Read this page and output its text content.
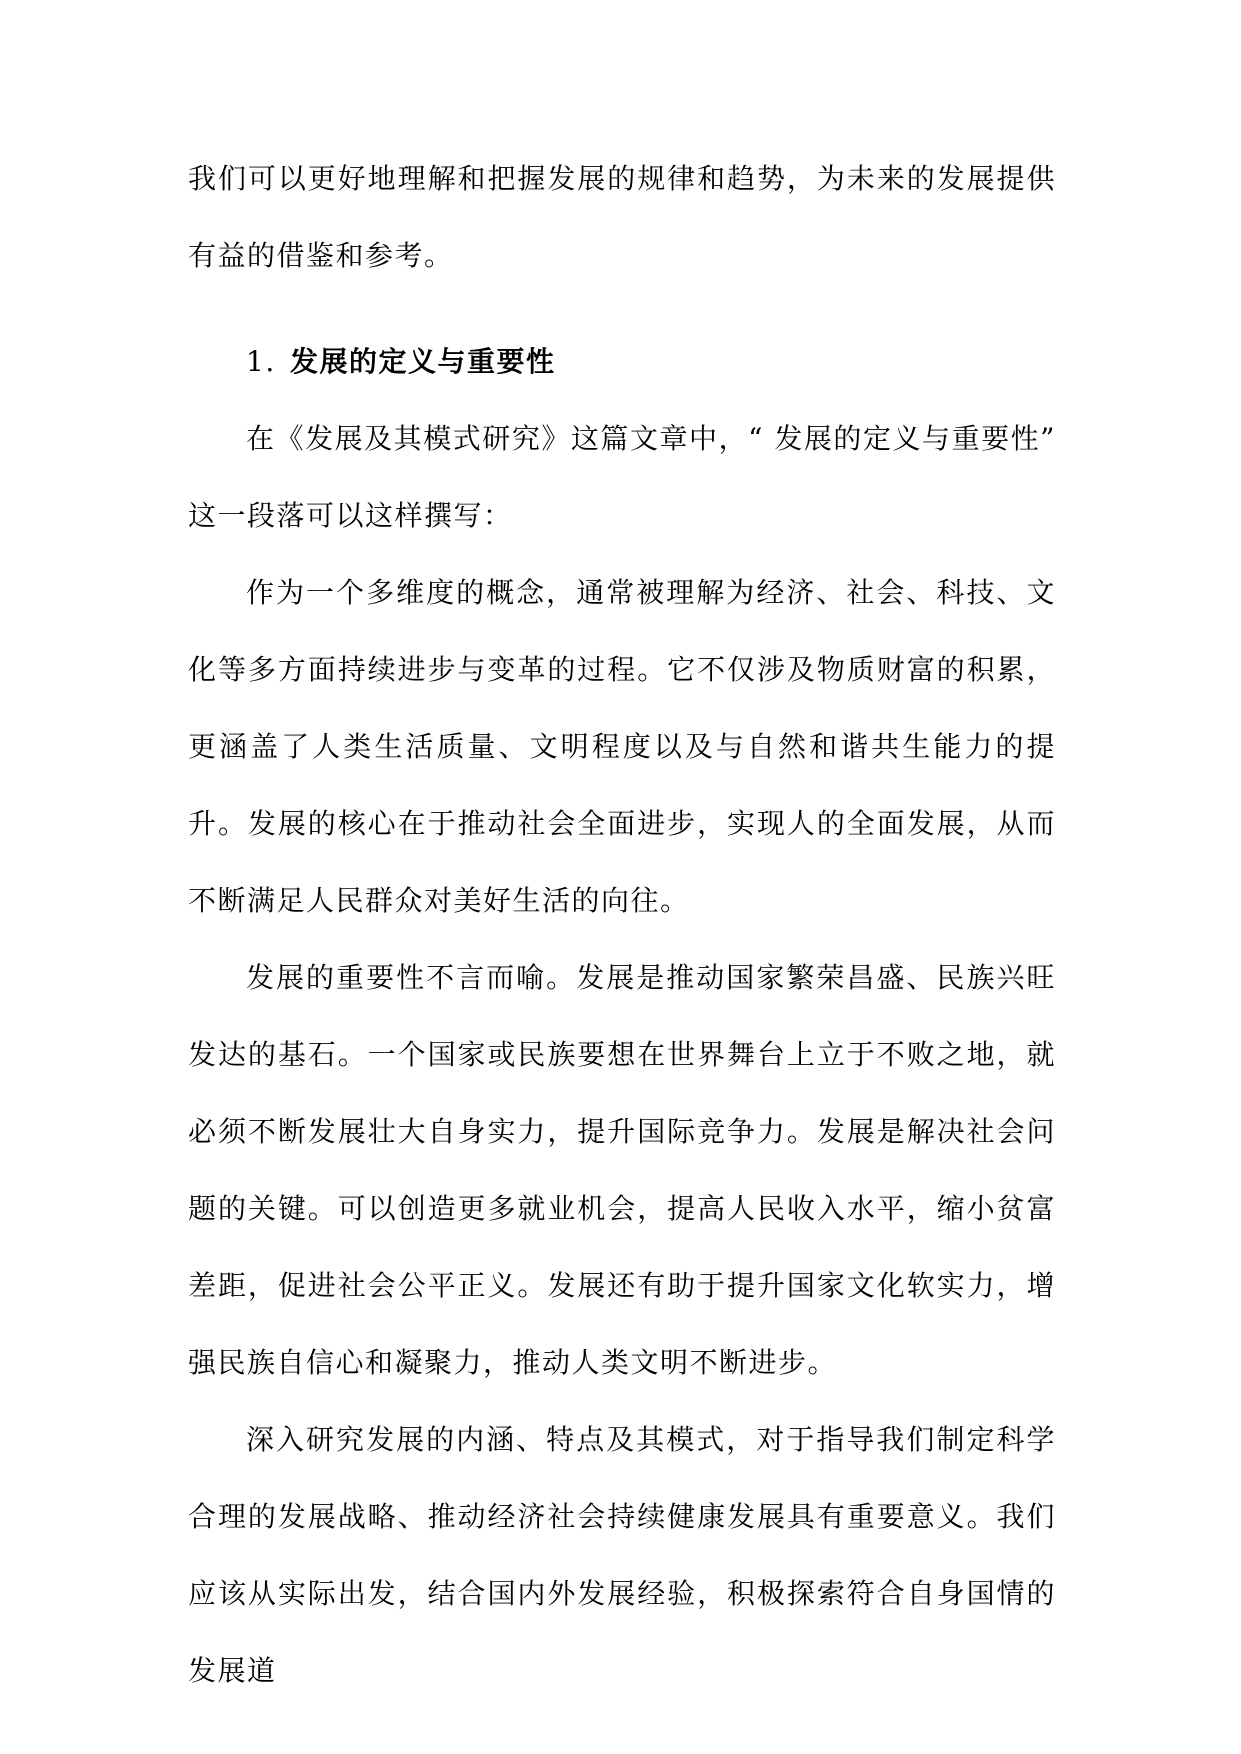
我们可以更好地理解和把握发展的规律和趋势，为未来的发展提供有益的借鉴和参考。

1. 发展的定义与重要性

在《发展及其模式研究》这篇文章中，“ 发展的定义与重要性” 这一段落可以这样撰写：

作为一个多维度的概念，通常被理解为经济、社会、科技、文化等多方面持续进步与变革的过程。它不仅涉及物质财富的积累，更涵盖了人类生活质量、文明程度以及与自然和谐共生能力的提升。发展的核心在于推动社会全面进步，实现人的全面发展，从而不断满足人民群众对美好生活的向往。

发展的重要性不言而喻。发展是推动国家繁荣昌盛、民族兴旺发达的基石。一个国家或民族要想在世界舞台上立于不败之地，就必须不断发展壮大自身实力，提升国际竞争力。发展是解决社会问题的关键。可以创造更多就业机会，提高人民收入水平，缩小贫富差距，促进社会公平正义。发展还有助于提升国家文化软实力，增强民族自信心和凝聚力，推动人类文明不断进步。

深入研究发展的内涵、特点及其模式，对于指导我们制定科学合理的发展战略、推动经济社会持续健康发展具有重要意义。我们应该从实际出发，结合国内外发展经验，积极探索符合自身国情的发展道
